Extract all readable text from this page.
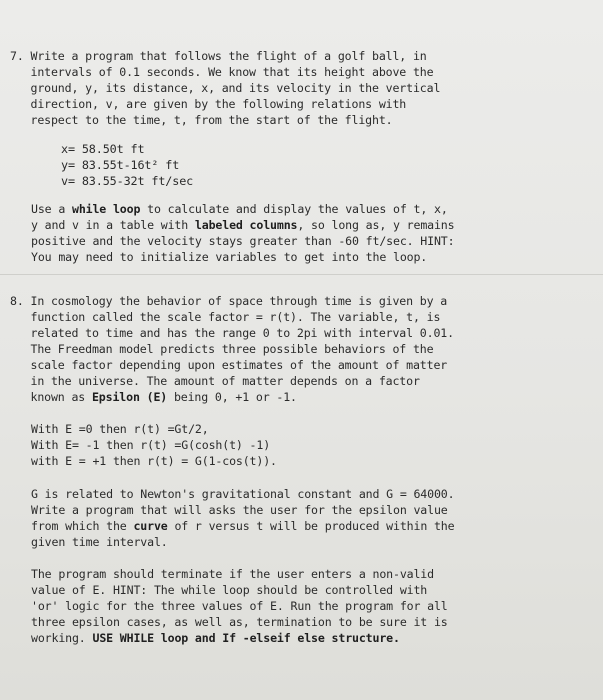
7. Write a program that follows the flight of a golf ball, in
intervals of 0.1 seconds. We know that its height above the
ground, y, its distance, x, and its velocity in the vertical
direction, v, are given by the following relations with
respect to the time, t, from the start of the flight.
x= 58.50t ft
y= 83.55t-16t² ft
v= 83.55-32t ft/sec
Use a while loop to calculate and display the values of t, x,
y and v in a table with labeled columns, so long as, y remains
positive and the velocity stays greater than -60 ft/sec. HINT:
You may need to initialize variables to get into the loop.
8. In cosmology the behavior of space through time is given by a
function called the scale factor = r(t). The variable, t, is
related to time and has the range 0 to 2pi with interval 0.01.
The Freedman model predicts three possible behaviors of the
scale factor depending upon estimates of the amount of matter
in the universe. The amount of matter depends on a factor
known as Epsilon (E) being 0, +1 or -1.
With E =0 then r(t) =Gt/2,
With E= -1 then r(t) =G(cosh(t) -1)
with E = +1 then r(t) = G(1-cos(t)).
G is related to Newton's gravitational constant and G = 64000.
Write a program that will asks the user for the epsilon value
from which the curve of r versus t will be produced within the
given time interval.
The program should terminate if the user enters a non-valid
value of E. HINT: The while loop should be controlled with
'or' logic for the three values of E. Run the program for all
three epsilon cases, as well as, termination to be sure it is
working. USE WHILE loop and If -elseif else structure.
